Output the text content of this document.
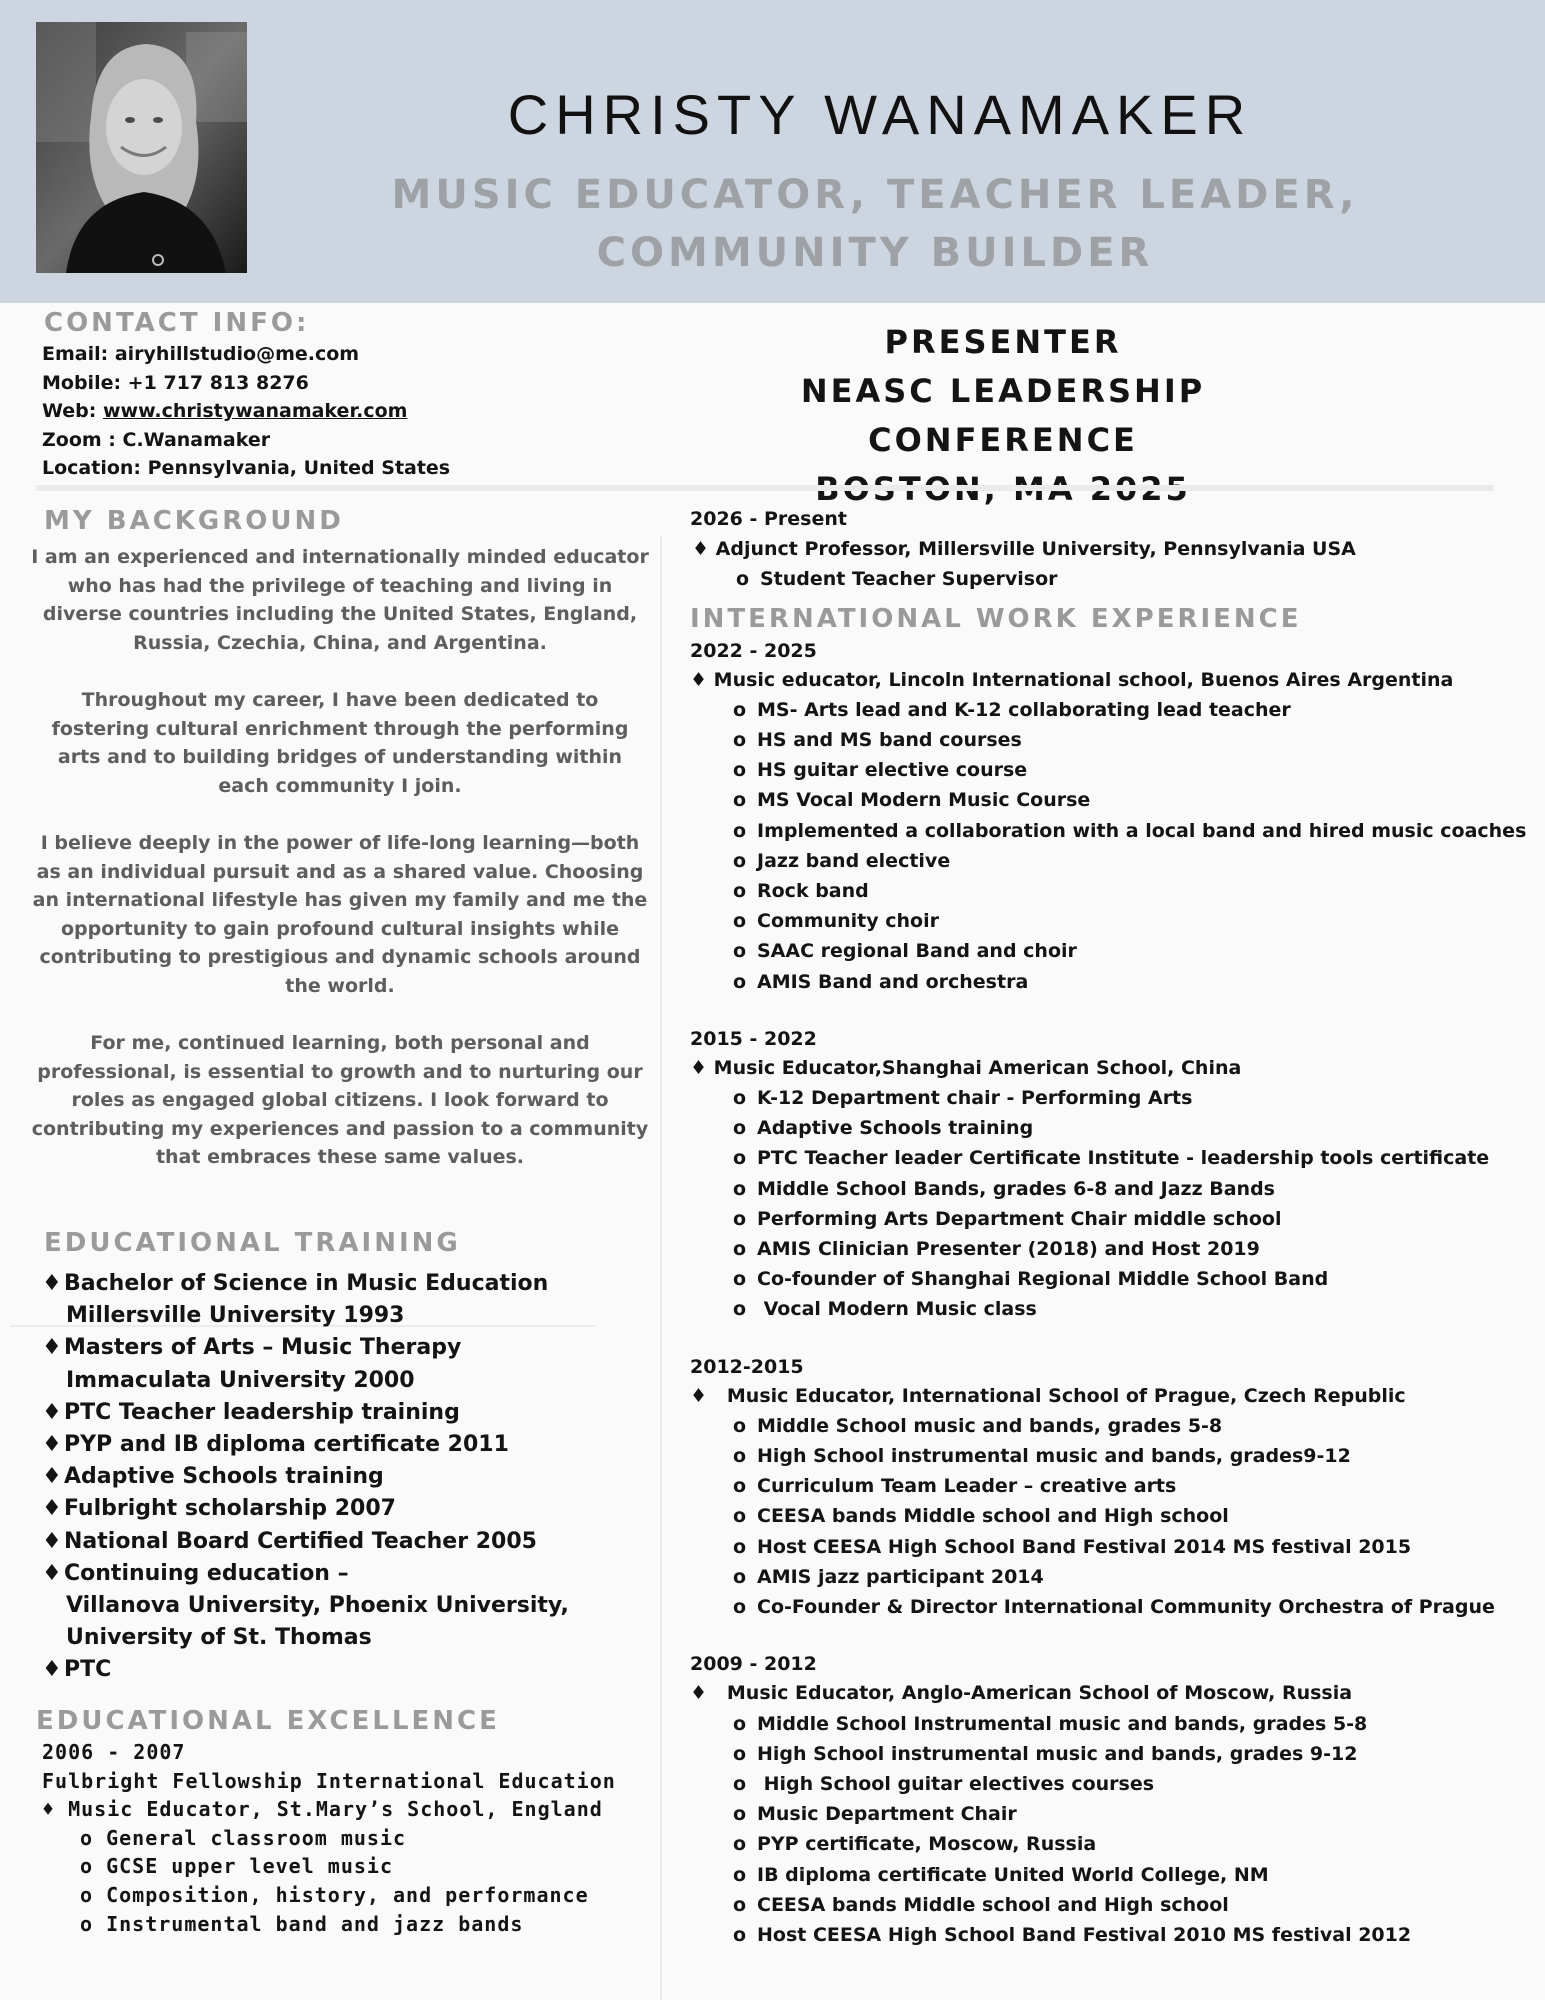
CHRISTY WANAMAKER
MUSIC EDUCATOR, TEACHER LEADER,
COMMUNITY BUILDER
CONTACT INFO:
Email: airyhillstudio@me.com
Mobile: +1 717 813 8276
Web: www.christywanamaker.com
Zoom : C.Wanamaker
Location: Pennsylvania, United States
PRESENTER
NEASC LEADERSHIP CONFERENCE
MY BACKGROUND

I am an experienced and internationally minded educator who has had the privilege of teaching and living in diverse countries including the United States, England, Russia, Czechia, China, and Argentina.

Throughout my career, I have been dedicated to fostering cultural enrichment through the performing arts and to building bridges of understanding within each community I join.

I believe deeply in the power of life-long learning—both as an individual pursuit and as a shared value. Choosing an international lifestyle has given my family and me the opportunity to gain profound cultural insights while contributing to prestigious and dynamic schools around the world.

For me, continued learning, both personal and professional, is essential to growth and to nurturing our roles as engaged global citizens. I look forward to contributing my experiences and passion to a community that embraces these same values.

EDUCATIONAL TRAINING
♦ Bachelor of Science in Music Education
Millersville University 1993
♦ Masters of Arts – Music Therapy
Immaculata University 2000
♦ PTC Teacher leadership training
♦ PYP and IB diploma certificate 2011
♦ Adaptive Schools training
♦ Fulbright scholarship 2007
♦ National Board Certified Teacher 2005
♦ Continuing education –
Villanova University, Phoenix University,
University of St. Thomas
♦ PTC
EDUCATIONAL EXCELLENCE
2006 - 2007
Fulbright Fellowship International Education
♦ Music Educator, St.Mary’s School, England
o General classroom music
o GCSE upper level music
o Composition, history, and performance
o Instrumental band and jazz bands
2026 - Present
♦ Adjunct Professor, Millersville University, Pennsylvania USA
o Student Teacher Supervisor
INTERNATIONAL WORK EXPERIENCE
2022 - 2025
♦ Music educator, Lincoln International school, Buenos Aires Argentina
o MS- Arts lead and K-12 collaborating lead teacher
o HS and MS band courses
o HS guitar elective course
o MS Vocal Modern Music Course
o Implemented a collaboration with a local band and hired music coaches
o Jazz band elective
o Rock band
o Community choir
o SAAC regional Band and choir
o AMIS Band and orchestra
2015 - 2022
♦ Music Educator,Shanghai American School, China
o K-12 Department chair - Performing Arts
o Adaptive Schools training
o PTC Teacher leader Certificate Institute - leadership tools certificate
o Middle School Bands, grades 6-8 and Jazz Bands
o Performing Arts Department Chair middle school
o AMIS Clinician Presenter (2018) and Host 2019
o Co-founder of Shanghai Regional Middle School Band
o Vocal Modern Music class
2012-2015
♦   Music Educator, International School of Prague, Czech Republic
o Middle School music and bands, grades 5-8
o High School instrumental music and bands, grades9-12
o Curriculum Team Leader – creative arts
o CEESA bands Middle school and High school
o Host CEESA High School Band Festival 2014 MS festival 2015
o AMIS jazz participant 2014
o Co-Founder & Director International Community Orchestra of Prague
2009 - 2012
♦   Music Educator, Anglo-American School of Moscow, Russia
o Middle School Instrumental music and bands, grades 5-8
o High School instrumental music and bands, grades 9-12
o High School guitar electives courses
o Music Department Chair
o PYP certificate, Moscow, Russia
o IB diploma certificate United World College, NM
o CEESA bands Middle school and High school
o Host CEESA High School Band Festival 2010 MS festival 2012
